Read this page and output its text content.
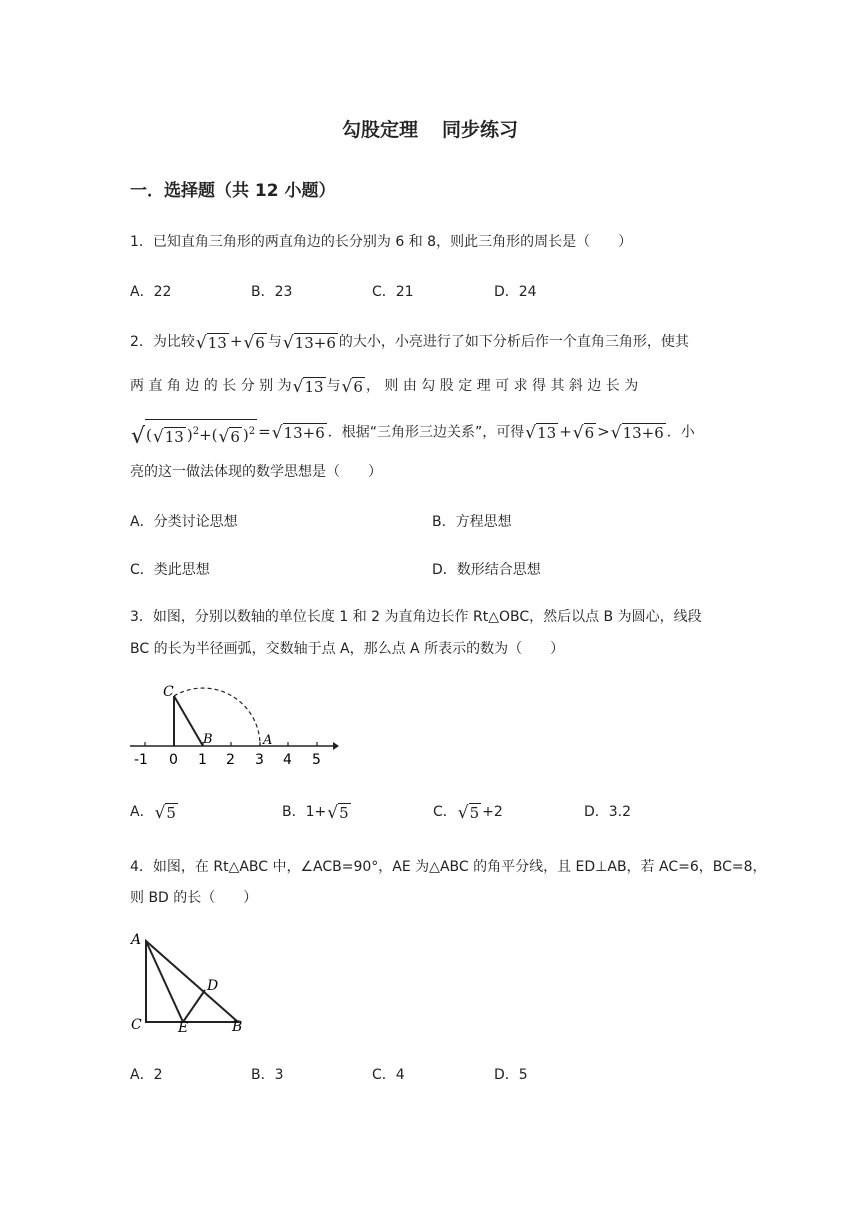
勾股定理 同步练习
一．选择题（共 12 小题）
1．已知直角三角形的两直角边的长分别为 6 和 8，则此三角形的周长是（　　）
A．22	B．23	C．21	D．24
2．为比较 √ 13 + √ 6 与 √ 13+6 的大小，小亮进行了如下分析后作一个直角三角形，使其
两 直 角 边 的 长 分 别 为 √ 13 与 √ 6 ， 则 由 勾 股 定 理 可 求 得 其 斜 边 长 为
√ ( √ 13 )$^2$+( √ 6 )$^2$ = √ 13+6 ．根据“三角形三边关系”，可得 √ 13 + √ 6 > √ 13+6 ．小
亮的这一做法体现的数学思想是（　　）
A．分类讨论思想	B．方程思想
C．类此思想	D．数形结合思想
3．如图，分别以数轴的单位长度 1 和 2 为直角边长作 Rt△OBC，然后以点 B 为圆心，线段
BC 的长为半径画弧，交数轴于点 A，那么点 A 所表示的数为（　　）
C
B	A
-1 0 1 2 3 4 5
A． √ 5	B．1+ √ 5	C． √ 5 +2	D．3.2
4．如图，在 Rt△ABC 中，∠ACB=90°，AE 为△ABC 的角平分线，且 ED⊥AB，若 AC=6，BC=8，
则 BD 的长（　　）
A
C	E
D
B
A．2	B．3	C．4	D．5
